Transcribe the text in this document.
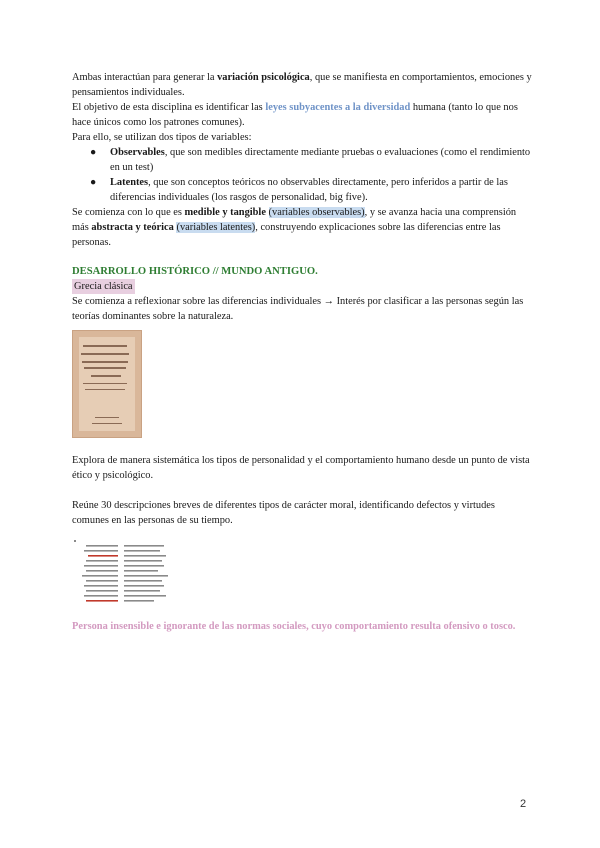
Ambas interactúan para generar la variación psicológica, que se manifiesta en comportamientos, emociones y pensamientos individuales.

El objetivo de esta disciplina es identificar las leyes subyacentes a la diversidad humana (tanto lo que nos hace únicos como los patrones comunes).

Para ello, se utilizan dos tipos de variables:

● Observables, que son medibles directamente mediante pruebas o evaluaciones (como el rendimiento en un test)
● Latentes, que son conceptos teóricos no observables directamente, pero inferidos a partir de las diferencias individuales (los rasgos de personalidad, big five).

Se comienza con lo que es medible y tangible (variables observables), y se avanza hacia una comprensión más abstracta y teórica (variables latentes), construyendo explicaciones sobre las diferencias entre las personas.

DESARROLLO HISTÓRICO // MUNDO ANTIGUO.

Grecia clásica

Se comienza a reflexionar sobre las diferencias individuales → Interés por clasificar a las personas según las teorías dominantes sobre la naturaleza.

Explora de manera sistemática los tipos de personalidad y el comportamiento humano desde un punto de vista ético y psicológico.

Reúne 30 descripciones breves de diferentes tipos de carácter moral, identificando defectos y virtudes comunes en las personas de su tiempo.

Persona insensible e ignorante de las normas sociales, cuyo comportamiento resulta ofensivo o tosco.

2
